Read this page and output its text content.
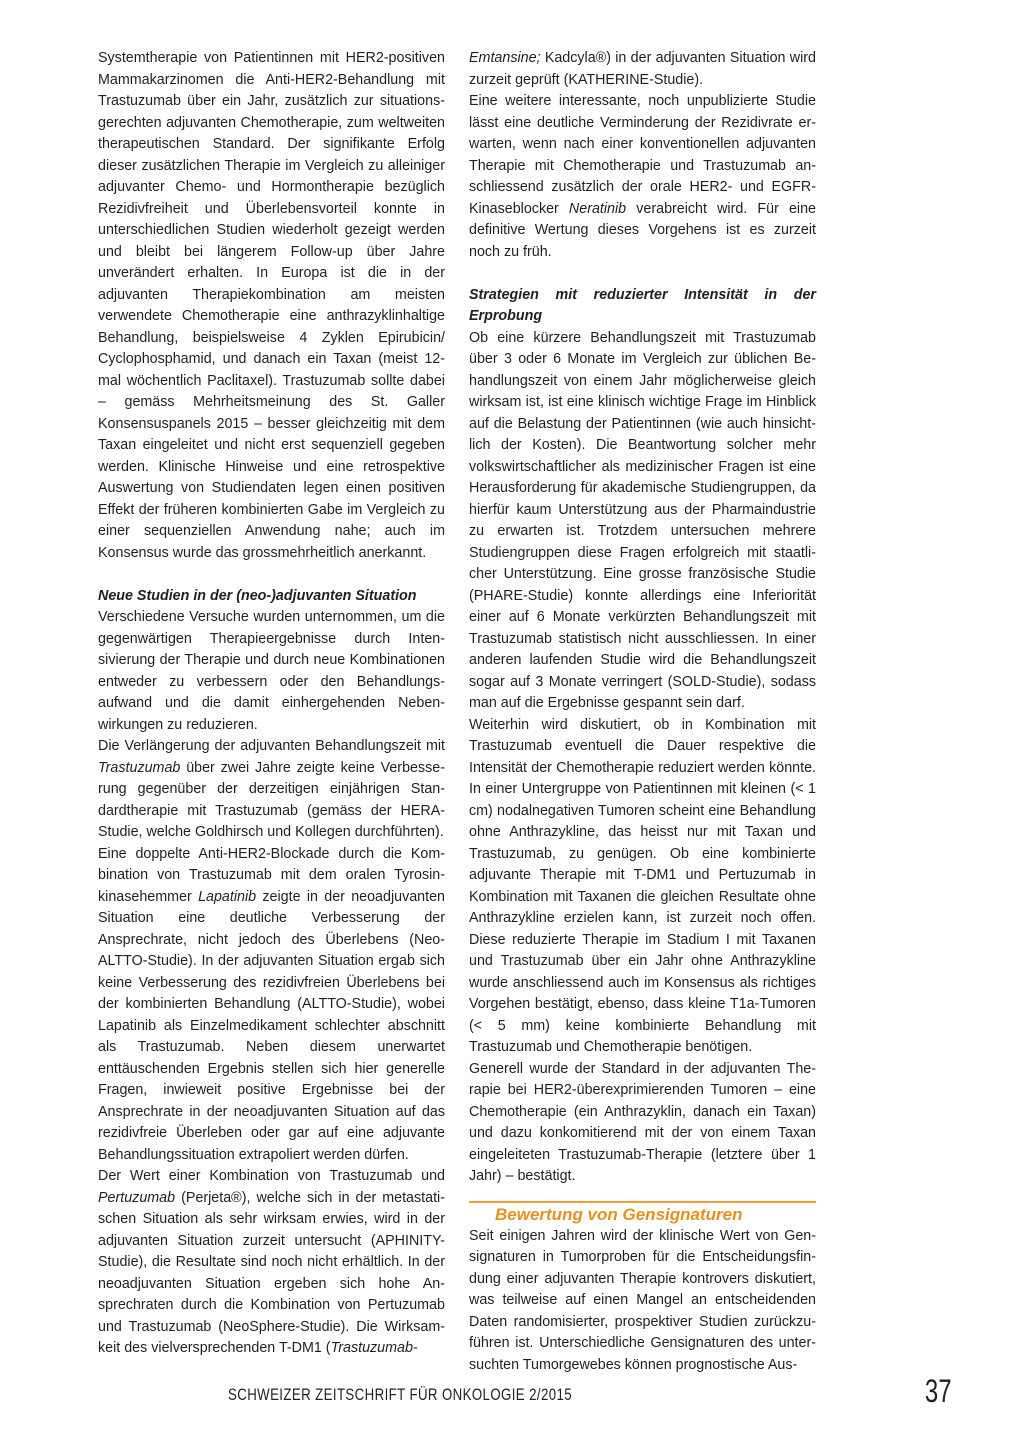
Systemtherapie von Patientinnen mit HER2-positiven Mammakarzinomen die Anti-HER2-Behandlung mit Trastuzumab über ein Jahr, zusätzlich zur situationsgerechten adjuvanten Chemotherapie, zum weltweiten therapeutischen Standard. Der signifikante Erfolg dieser zusätzlichen Therapie im Vergleich zu alleiniger adjuvanter Chemo- und Hormontherapie bezüglich Rezidivfreiheit und Überlebensvorteil konnte in unterschiedlichen Studien wiederholt gezeigt werden und bleibt bei längerem Follow-up über Jahre unverändert erhalten. In Europa ist die in der adjuvanten Therapiekombination am meisten verwendete Chemotherapie eine anthrazyklinhaltige Behandlung, beispielsweise 4 Zyklen Epirubicin/ Cyclophosphamid, und danach ein Taxan (meist 12-mal wöchentlich Paclitaxel). Trastuzumab sollte dabei – gemäss Mehrheitsmeinung des St. Galler Konsensuspanels 2015 – besser gleichzeitig mit dem Taxan eingeleitet und nicht erst sequenziell gegeben werden. Klinische Hinweise und eine retrospektive Auswertung von Studiendaten legen einen positiven Effekt der früheren kombinierten Gabe im Vergleich zu einer sequenziellen Anwendung nahe; auch im Konsensus wurde das grossmehrheitlich anerkannt.

Neue Studien in der (neo-)adjuvanten Situation

Verschiedene Versuche wurden unternommen, um die gegenwärtigen Therapieergebnisse durch Intensivierung der Therapie und durch neue Kombinationen entweder zu verbessern oder den Behandlungsaufwand und die damit einhergehenden Nebenwirkungen zu reduzieren.

Die Verlängerung der adjuvanten Behandlungszeit mit Trastuzumab über zwei Jahre zeigte keine Verbesserung gegenüber der derzeitigen einjährigen Standardtherapie mit Trastuzumab (gemäss der HERA-Studie, welche Goldhirsch und Kollegen durchführten).

Eine doppelte Anti-HER2-Blockade durch die Kombination von Trastuzumab mit dem oralen Tyrosinkinasehemmer Lapatinib zeigte in der neoadjuvanten Situation eine deutliche Verbesserung der Ansprechrate, nicht jedoch des Überlebens (Neo-ALTTO-Studie). In der adjuvanten Situation ergab sich keine Verbesserung des rezidivfreien Überlebens bei der kombinierten Behandlung (ALTTO-Studie), wobei Lapatinib als Einzelmedikament schlechter abschnitt als Trastuzumab. Neben diesem unerwartet enttäuschenden Ergebnis stellen sich hier generelle Fragen, inwieweit positive Ergebnisse bei der Ansprechrate in der neoadjuvanten Situation auf das rezidivfreie Überleben oder gar auf eine adjuvante Behandlungssituation extrapoliert werden dürfen.

Der Wert einer Kombination von Trastuzumab und Pertuzumab (Perjeta®), welche sich in der metastatischen Situation als sehr wirksam erwies, wird in der adjuvanten Situation zurzeit untersucht (APHINITY-Studie), die Resultate sind noch nicht erhältlich. In der neoadjuvanten Situation ergeben sich hohe Ansprechraten durch die Kombination von Pertuzumab und Trastuzumab (NeoSphere-Studie). Die Wirksamkeit des vielversprechenden T-DM1 (Trastuzumab-

Emtansine; Kadcyla®) in der adjuvanten Situation wird zurzeit geprüft (KATHERINE-Studie).

Eine weitere interessante, noch unpublizierte Studie lässt eine deutliche Verminderung der Rezidivrate erwarten, wenn nach einer konventionellen adjuvanten Therapie mit Chemotherapie und Trastuzumab anschliessend zusätzlich der orale HER2- und EGFR-Kinaseblocker Neratinib verabreicht wird. Für eine definitive Wertung dieses Vorgehens ist es zurzeit noch zu früh.

Strategien mit reduzierter Intensität in der Erprobung

Ob eine kürzere Behandlungszeit mit Trastuzumab über 3 oder 6 Monate im Vergleich zur üblichen Behandlungszeit von einem Jahr möglicherweise gleich wirksam ist, ist eine klinisch wichtige Frage im Hinblick auf die Belastung der Patientinnen (wie auch hinsichtlich der Kosten). Die Beantwortung solcher mehr volkswirtschaftlicher als medizinischer Fragen ist eine Herausforderung für akademische Studiengruppen, da hierfür kaum Unterstützung aus der Pharmaindustrie zu erwarten ist. Trotzdem untersuchen mehrere Studiengruppen diese Fragen erfolgreich mit staatlicher Unterstützung. Eine grosse französische Studie (PHARE-Studie) konnte allerdings eine Inferiorität einer auf 6 Monate verkürzten Behandlungszeit mit Trastuzumab statistisch nicht ausschliessen. In einer anderen laufenden Studie wird die Behandlungszeit sogar auf 3 Monate verringert (SOLD-Studie), sodass man auf die Ergebnisse gespannt sein darf.

Weiterhin wird diskutiert, ob in Kombination mit Trastuzumab eventuell die Dauer respektive die Intensität der Chemotherapie reduziert werden könnte. In einer Untergruppe von Patientinnen mit kleinen (< 1 cm) nodalnegativen Tumoren scheint eine Behandlung ohne Anthrazykline, das heisst nur mit Taxan und Trastuzumab, zu genügen. Ob eine kombinierte adjuvante Therapie mit T-DM1 und Pertuzumab in Kombination mit Taxanen die gleichen Resultate ohne Anthrazykline erzielen kann, ist zurzeit noch offen. Diese reduzierte Therapie im Stadium I mit Taxanen und Trastuzumab über ein Jahr ohne Anthrazykline wurde anschliessend auch im Konsensus als richtiges Vorgehen bestätigt, ebenso, dass kleine T1a-Tumoren (< 5 mm) keine kombinierte Behandlung mit Trastuzumab und Chemotherapie benötigen.

Generell wurde der Standard in der adjuvanten Therapie bei HER2-überexprimierenden Tumoren – eine Chemotherapie (ein Anthrazyklin, danach ein Taxan) und dazu konkomitierend mit der von einem Taxan eingeleiteten Trastuzumab-Therapie (letztere über 1 Jahr) – bestätigt.

Bewertung von Gensignaturen

Seit einigen Jahren wird der klinische Wert von Gensignaturen in Tumorproben für die Entscheidungsfindung einer adjuvanten Therapie kontrovers diskutiert, was teilweise auf einen Mangel an entscheidenden Daten randomisierter, prospektiver Studien zurückzuführen ist. Unterschiedliche Gensignaturen des untersuchten Tumorgewebes können prognostische Aus-

SCHWEIZER ZEITSCHRIFT FÜR ONKOLOGIE 2/2015	37
